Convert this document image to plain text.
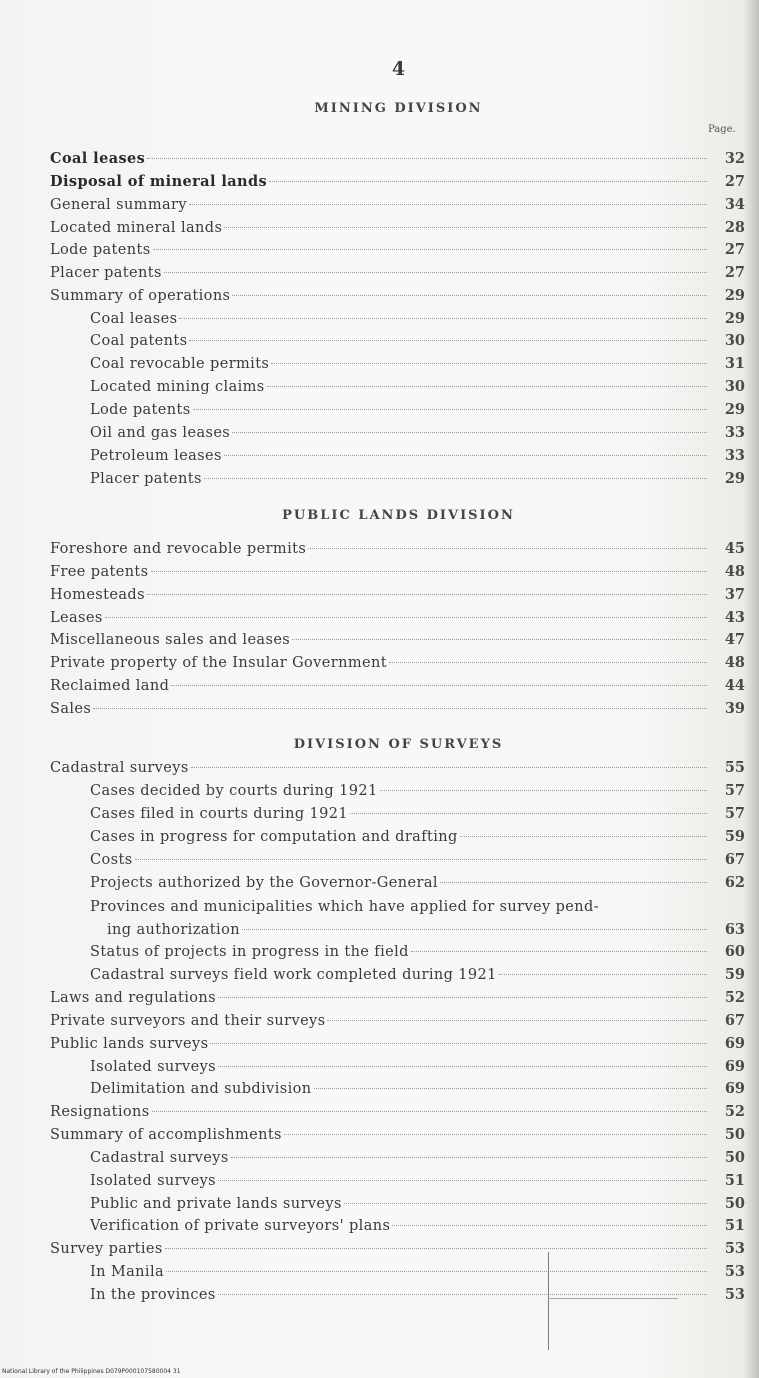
4
MINING DIVISION
Page.
Coal leases	32
Disposal of mineral lands	27
General summary	34
Located mineral lands	28
Lode patents	27
Placer patents	27
Summary of operations	29
Coal leases	29
Coal patents	30
Coal revocable permits	31
Located mining claims	30
Lode patents	29
Oil and gas leases	33
Petroleum leases	33
Placer patents	29
PUBLIC LANDS DIVISION
Foreshore and revocable permits	45
Free patents	48
Homesteads	37
Leases	43
Miscellaneous sales and leases	47
Private property of the Insular Government	48
Reclaimed land	44
Sales	39
DIVISION OF SURVEYS
Cadastral surveys	55
Cases decided by courts during 1921	57
Cases filed in courts during 1921	57
Cases in progress for computation and drafting	59
Costs	67
Projects authorized by the Governor-General	62
Provinces and municipalities which have applied for survey pend-
ing authorization	63
Status of projects in progress in the field	60
Cadastral surveys field work completed during 1921	59
Laws and regulations	52
Private surveyors and their surveys	67
Public lands surveys	69
Isolated surveys	69
Delimitation and subdivision	69
Resignations	52
Summary of accomplishments	50
Cadastral surveys	50
Isolated surveys	51
Public and private lands surveys	50
Verification of private surveyors' plans	51
Survey parties	53
In Manila	53
In the provinces	53
National Library of the Philippines D079P000107580004 31
